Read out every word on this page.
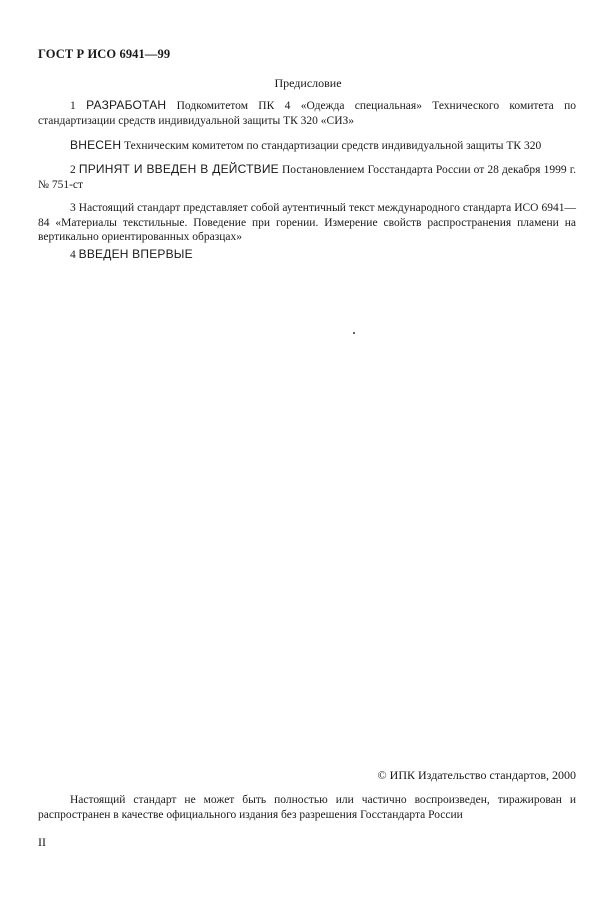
ГОСТ Р ИСО 6941—99
Предисловие
1 РАЗРАБОТАН Подкомитетом ПК 4 «Одежда специальная» Технического комитета по стандартизации средств индивидуальной защиты ТК 320 «СИЗ»
ВНЕСЕН Техническим комитетом по стандартизации средств индивидуальной защиты ТК 320
2 ПРИНЯТ И ВВЕДЕН В ДЕЙСТВИЕ Постановлением Госстандарта России от 28 декабря 1999 г. № 751-ст
3 Настоящий стандарт представляет собой аутентичный текст международного стандарта ИСО 6941—84 «Материалы текстильные. Поведение при горении. Измерение свойств распространения пламени на вертикально ориентированных образцах»
4 ВВЕДЕН ВПЕРВЫЕ
© ИПК Издательство стандартов, 2000
Настоящий стандарт не может быть полностью или частично воспроизведен, тиражирован и распространен в качестве официального издания без разрешения Госстандарта России
II
